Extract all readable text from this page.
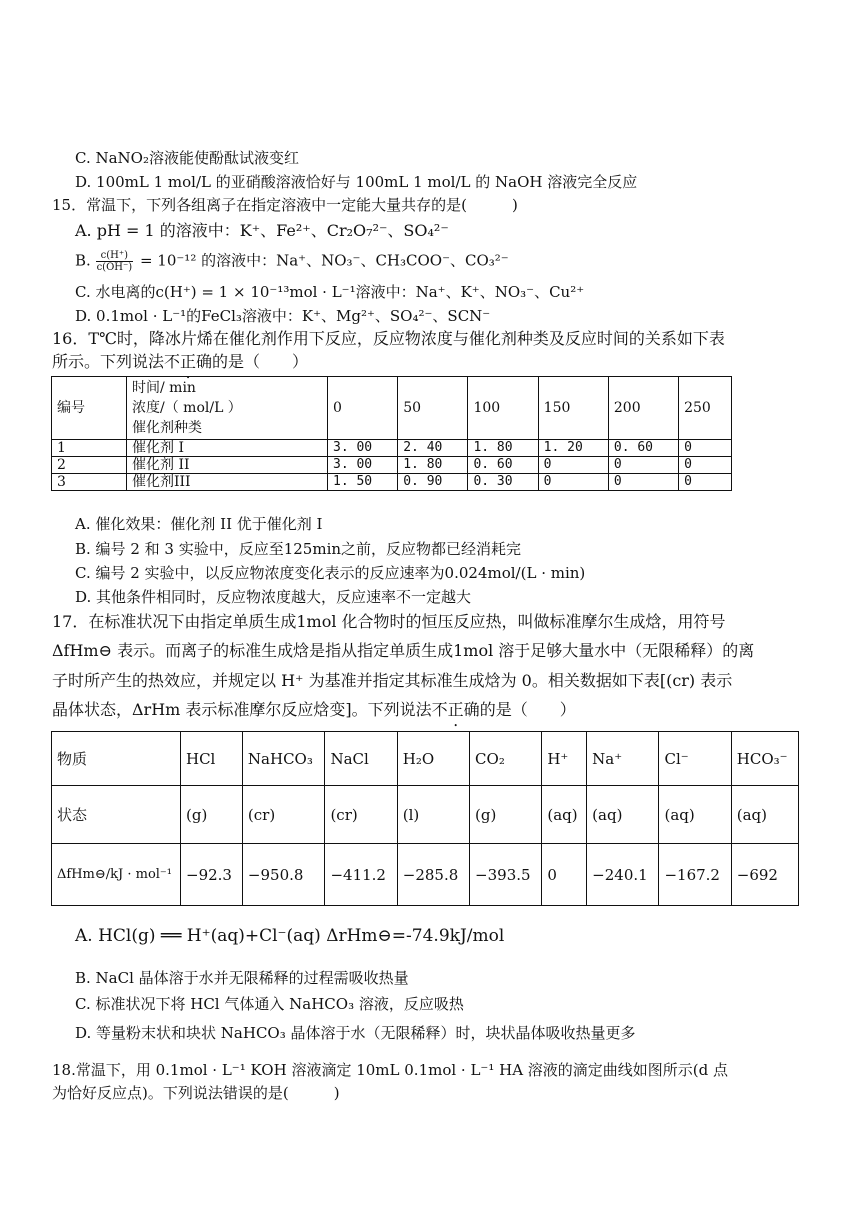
C. NaNO₂溶液能使酚酞试液变红
D. 100mL 1 mol/L 的亚硝酸溶液恰好与 100mL 1 mol/L 的 NaOH 溶液完全反应
15．常温下，下列各组离子在指定溶液中一定能大量共存的是(　　　)
A. pH = 1 的溶液中：K⁺、Fe²⁺、Cr₂O₇²⁻、SO₄²⁻
B. $\frac{c(H^+)}{c(OH^-)} = 10^{-12}$ 的溶液中：Na⁺、NO₃⁻、CH₃COO⁻、CO₃²⁻
C. 水电离的c(H⁺) = 1 × 10⁻¹³mol · L⁻¹溶液中：Na⁺、K⁺、NO₃⁻、Cu²⁺
D. 0.1mol · L⁻¹的FeCl₃溶液中：K⁺、Mg²⁺、SO₄²⁻、SCN⁻
16．T℃时，降冰片烯在催化剂作用下反应，反应物浓度与催化剂种类及反应时间的关系如下表
所示。下列说法不正确的是（　　）
编号	时间/ min
浓度/（ mol/L ）
催化剂种类	0	50	100	150	200	250
1	催化剂 I	3. 00	2. 40	1. 80	1. 20	0. 60	0
2	催化剂 II	3. 00	1. 80	0. 60	0	0	0
3	催化剂III	1. 50	0. 90	0. 30	0	0	0
A. 催化效果：催化剂 II 优于催化剂 I
B. 编号 2 和 3 实验中，反应至125min之前，反应物都已经消耗完
C. 编号 2 实验中，以反应物浓度变化表示的反应速率为0.024mol/(L · min)
D. 其他条件相同时，反应物浓度越大，反应速率不一定越大
17．在标准状况下由指定单质生成1mol 化合物时的恒压反应热，叫做标准摩尔生成焓，用符号
ΔfHm⊖ 表示。而离子的标准生成焓是指从指定单质生成1mol 溶于足够大量水中（无限稀释）的离
子时所产生的热效应，并规定以 H⁺ 为基准并指定其标准生成焓为 0。相关数据如下表[(cr) 表示
晶体状态，ΔrHm 表示标准摩尔反应焓变]。下列说法不正确的是（　　）
物质	HCl	NaHCO₃	NaCl	H₂O	CO₂	H⁺	Na⁺	Cl⁻	HCO₃⁻
状态	(g)	(cr)	(cr)	(l)	(g)	(aq)	(aq)	(aq)	(aq)
ΔfHm⊖/kJ · mol⁻¹	−92.3	−950.8	−411.2	−285.8	−393.5	0	−240.1	−167.2	−692
A. HCl(g) ══ H⁺(aq)+Cl⁻(aq) ΔrHm⊖=-74.9kJ/mol
B. NaCl 晶体溶于水并无限稀释的过程需吸收热量
C. 标准状况下将 HCl 气体通入 NaHCO₃ 溶液，反应吸热
D. 等量粉末状和块状 NaHCO₃ 晶体溶于水（无限稀释）时，块状晶体吸收热量更多
18.常温下，用 0.1mol · L⁻¹ KOH 溶液滴定 10mL 0.1mol · L⁻¹ HA 溶液的滴定曲线如图所示(d 点
为恰好反应点)。下列说法错误的是(　　　)
